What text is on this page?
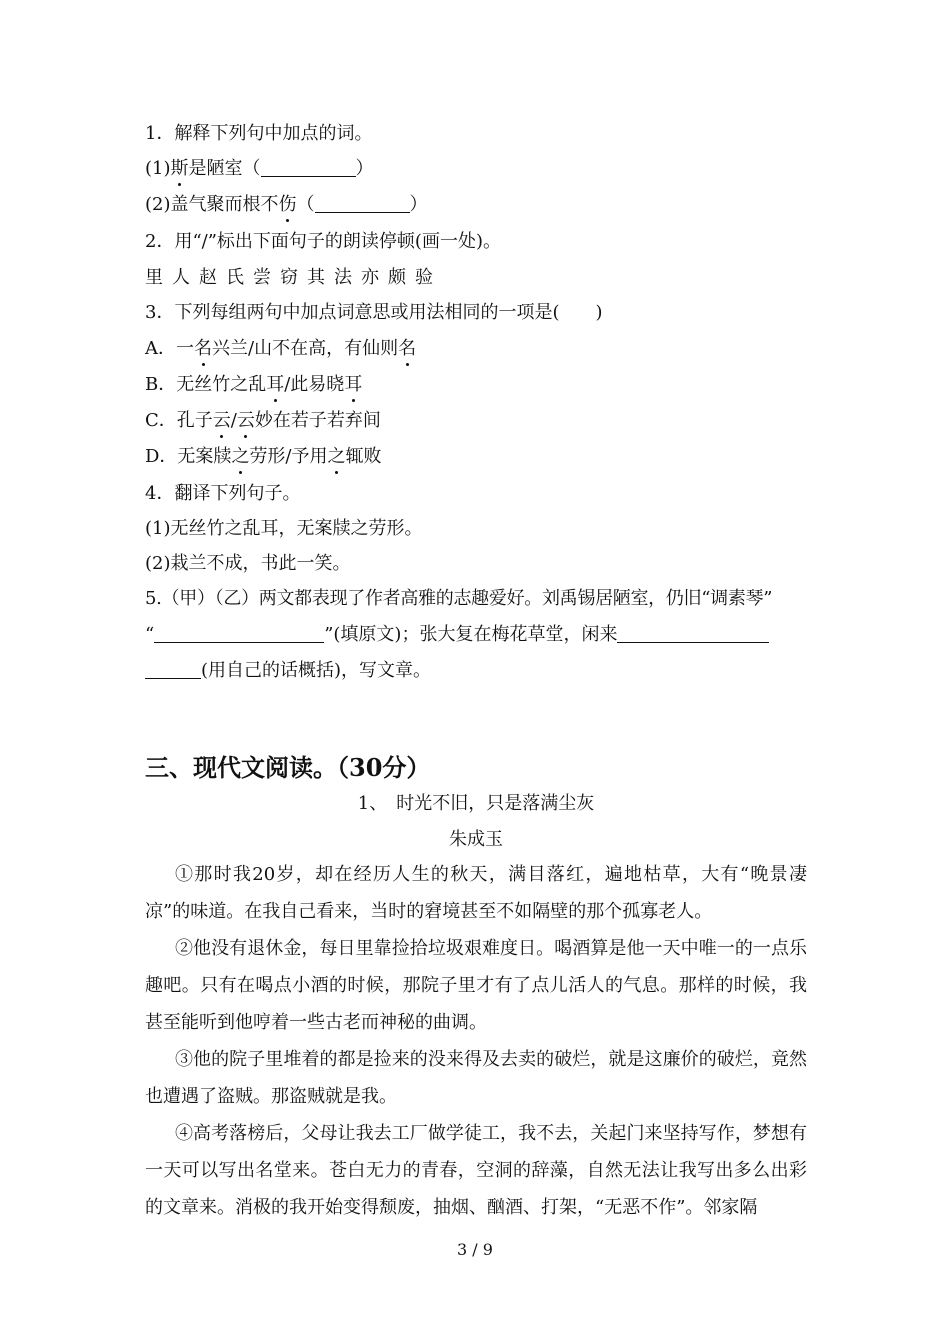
1．解释下列句中加点的词。
(1)斯是陋室（	）
(2)盖气聚而根不伤（	）
2．用“/”标出下面句子的朗读停顿(画一处)。
里人赵氏尝窃其法亦颇验
3．下列每组两句中加点词意思或用法相同的一项是(　　)
A．一名兴兰/山不在高，有仙则名
B．无丝竹之乱耳/此易晓耳
C．孔子云/云妙在若子若弃间
D．无案牍之劳形/予用之辄败
4．翻译下列句子。
(1)无丝竹之乱耳，无案牍之劳形。
(2)栽兰不成，书此一笑。
5.（甲）（乙）两文都表现了作者高雅的志趣爱好。刘禹锡居陋室，仍旧“调素琴”
“	”(填原文)；张大复在梅花草堂，闲来
(用自己的话概括)，写文章。
三、现代文阅读。（30分）
1、　时光不旧，只是落满尘灰
朱成玉

①那时我20岁，却在经历人生的秋天，满目落红，遍地枯草，大有“晚景凄凉”的味道。在我自己看来，当时的窘境甚至不如隔壁的那个孤寡老人。

②他没有退休金，每日里靠捡拾垃圾艰难度日。喝酒算是他一天中唯一的一点乐趣吧。只有在喝点小酒的时候，那院子里才有了点儿活人的气息。那样的时候，我甚至能听到他哼着一些古老而神秘的曲调。

③他的院子里堆着的都是捡来的没来得及去卖的破烂，就是这廉价的破烂，竟然也遭遇了盗贼。那盗贼就是我。

④高考落榜后，父母让我去工厂做学徒工，我不去，关起门来坚持写作，梦想有一天可以写出名堂来。苍白无力的青春，空洞的辞藻，自然无法让我写出多么出彩的文章来。消极的我开始变得颓废，抽烟、酗酒、打架，“无恶不作”。邻家隔

3 / 9
